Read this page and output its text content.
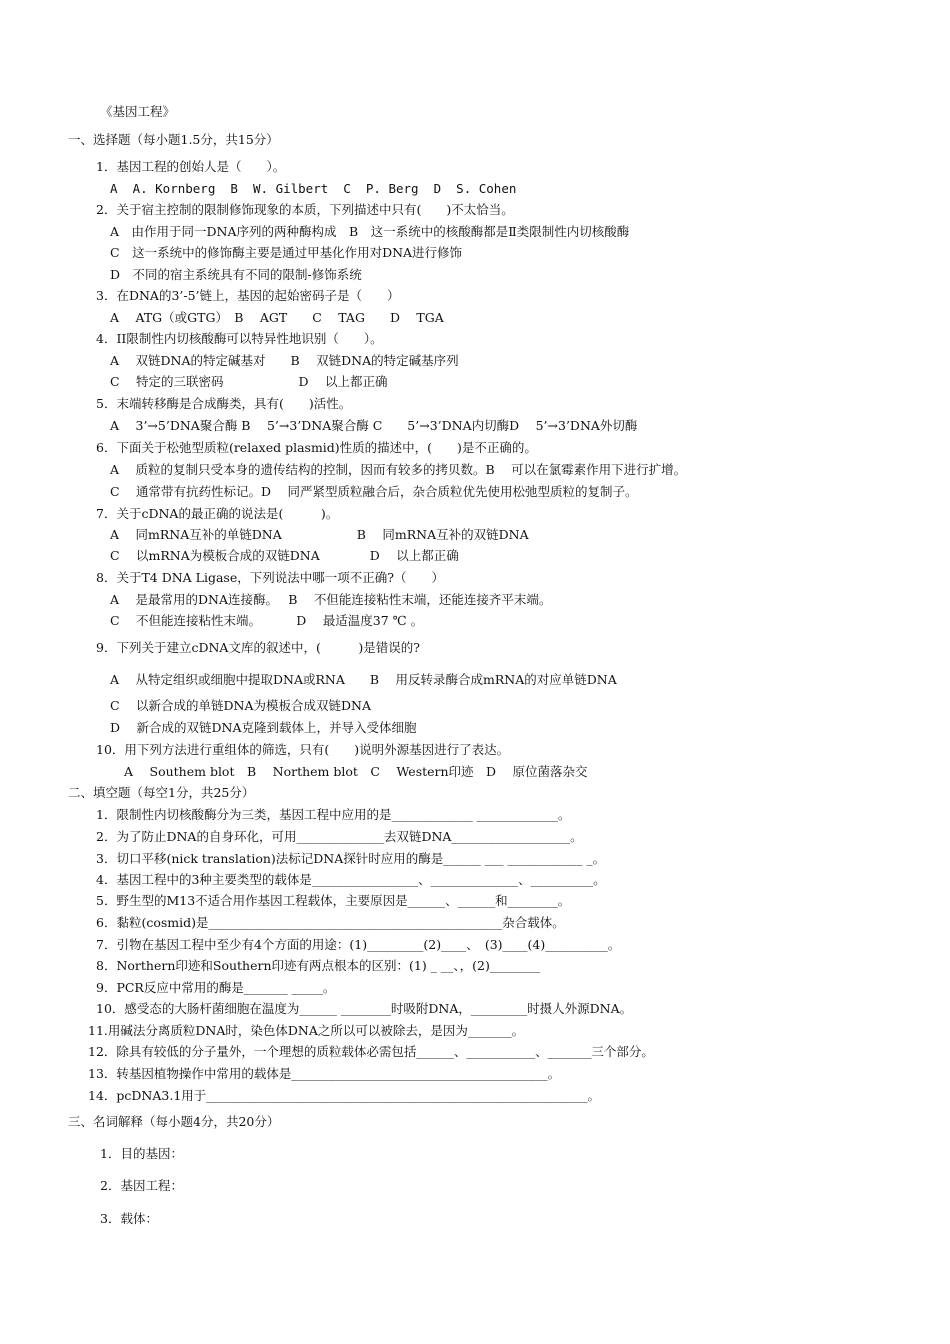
《基因工程》
一、选择题（每小题1.5分，共15分）
1．基因工程的创始人是（　　）。
A  A. Kornberg  B  W. Gilbert  C  P. Berg  D  S. Cohen
2．关于宿主控制的限制修饰现象的本质，下列描述中只有(　　)不太恰当。
A　由作用于同一DNA序列的两种酶构成　B　这一系统中的核酸酶都是Ⅱ类限制性内切核酸酶
C　这一系统中的修饰酶主要是通过甲基化作用对DNA进行修饰
D　不同的宿主系统具有不同的限制-修饰系统
3．在DNA的3’-5’链上，基因的起始密码子是（　　）
A　 ATG（或GTG）　B　 AGT　　C　 TAG　　D　 TGA
4．II限制性内切核酸酶可以特异性地识别（　　）。
A　 双链DNA的特定碱基对　　B　 双链DNA的特定碱基序列
C　 特定的三联密码　　　　　　D　 以上都正确
5．末端转移酶是合成酶类，具有(　　)活性。
A　 3’→5’DNA聚合酶 B　 5’→3’DNA聚合酶 C　　5’→3’DNA内切酶D　 5’→3’DNA外切酶
6．下面关于松弛型质粒(relaxed plasmid)性质的描述中，(　　)是不正确的。
A　 质粒的复制只受本身的遗传结构的控制，因而有较多的拷贝数。B　 可以在氯霉素作用下进行扩增。
C　 通常带有抗药性标记。D　 同严紧型质粒融合后，杂合质粒优先使用松弛型质粒的复制子。
7．关于cDNA的最正确的说法是(　　　)。
A　 同mRNA互补的单链DNA　　　　　　B　 同mRNA互补的双链DNA
C　 以mRNA为模板合成的双链DNA　　　　D　 以上都正确
8．关于T4 DNA Ligase，下列说法中哪一项不正确?（　　）
A　 是最常用的DNA连接酶。　 B　 不但能连接粘性末端，还能连接齐平末端。
C　 不但能连接粘性末端。　　　 D　 最适温度37 ℃ 。
9．下列关于建立cDNA文库的叙述中，(　　　)是错误的?
A　 从特定组织或细胞中提取DNA或RNA　　B　 用反转录酶合成mRNA的对应单链DNA
C　 以新合成的单链DNA为模板合成双链DNA
D　 新合成的双链DNA克隆到载体上，并导入受体细胞
10．用下列方法进行重组体的筛选，只有(　　)说明外源基因进行了表达。
A　 Southem blot　B　 Northem blot　C　 Western印迹　D　 原位菌落杂交
二、填空题（每空1分，共25分）
1．限制性内切核酸酶分为三类，基因工程中应用的是_____________ _____________。
2．为了防止DNA的自身环化，可用______________去双链DNA___________________。
3．切口平移(nick translation)法标记DNA探针时应用的酶是______ ___ ____________ _。
4．基因工程中的3种主要类型的载体是_________________、______________、__________。
5．野生型的M13不适合用作基因工程载体，主要原因是______、______和________。
6．黏粒(cosmid)是_______________________________________________杂合载体。
7．引物在基因工程中至少有4个方面的用途：(1)_________(2)____、　(3)____(4)__________。
8．Northern印迹和Southern印迹有两点根本的区别：(1) _ __、，(2)________
9．PCR反应中常用的酶是_______ _____。
10．感受态的大肠杆菌细胞在温度为______ ________时吸附DNA，_________时摄人外源DNA。
11.用碱法分离质粒DNA时，染色体DNA之所以可以被除去，是因为_______。
12．除具有较低的分子量外，一个理想的质粒载体必需包括______、___________、_______三个部分。
13．转基因植物操作中常用的载体是_________________________________________。
14．pcDNA3.1用于_____________________________________________________________。
三、名词解释（每小题4分，共20分）
1．目的基因：
2．基因工程：
3．载体：
